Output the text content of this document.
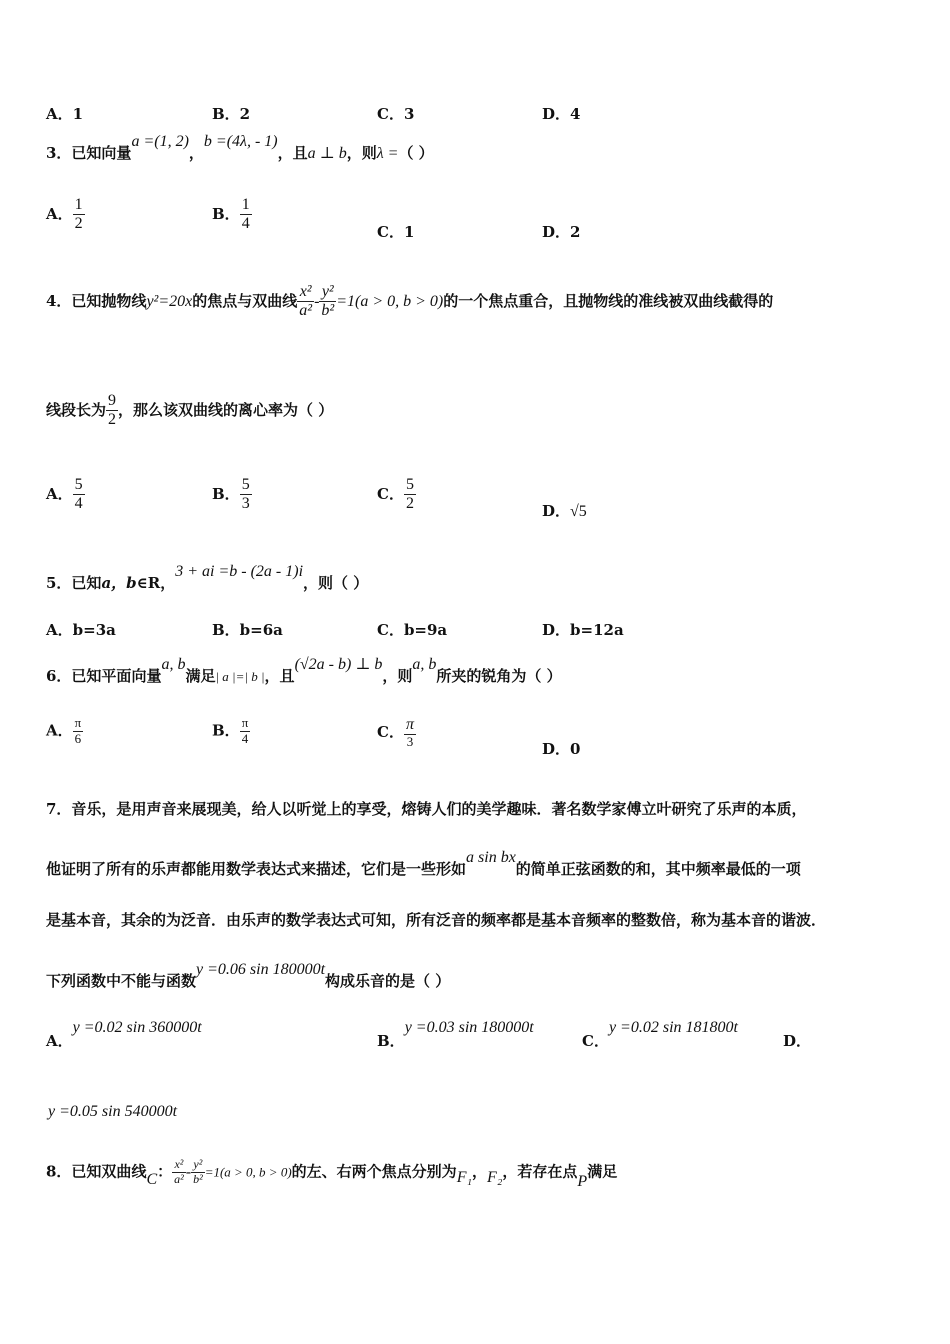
A．1	B．2	C．3	D．4
3．已知向量a =(1, 2)，b =(4λ, - 1)，且a ⊥ b，则λ =（ ）
A． $\frac{1}{2}$	B． $\frac{1}{4}$	C．1	D．2
4．已知抛物线y²=20x的焦点与双曲线 $\frac{\text{x²}}{\text{a²}} - \frac{\text{y²}}{\text{b²}} =1(a > 0$, b > 0)的一个焦点重合，且抛物线的准线被双曲线截得的
线段长为 $\frac{9}{2}$ ，那么该双曲线的离心率为（ ）
A． $\frac{5}{4}$	B． $\frac{5}{3}$	C． $\frac{5}{2}$	D．√5
5．已知a，b∈R，3 + ai =b - (2a - 1)i，则（ ）
A．b=3a	B．b=6a	C．b=9a	D．b=12a
6．已知平面向量a, b满足| a |=| b |，且(√2a - b) ⊥ b，则a, b所夹的锐角为（ ）
A． $\frac{\pi}{6}$	B． $\frac{\pi}{4}$	C． $\frac{\pi}{3}$	D．0
7．音乐，是用声音来展现美，给人以听觉上的享受，熔铸人们的美学趣味．著名数学家傅立叶研究了乐声的本质，
他证明了所有的乐声都能用数学表达式来描述，它们是一些形如a sin bx的简单正弦函数的和，其中频率最低的一项
是基本音，其余的为泛音．由乐声的数学表达式可知，所有泛音的频率都是基本音频率的整数倍，称为基本音的谐波．
下列函数中不能与函数y =0.06 sin 180000t构成乐音的是（ ）
A．y =0.02 sin 360000t
B．y =0.03 sin 180000t
C．y =0.02 sin 181800t
D．
y =0.05 sin 540000t
8．已知双曲线C： $\frac{\text{x²}}{\text{a²}} - \frac{\text{y²}}{\text{b²}} =1(a > 0$, b > 0)的左、右两个焦点分别为F₁，F₂，若存在点P满足
